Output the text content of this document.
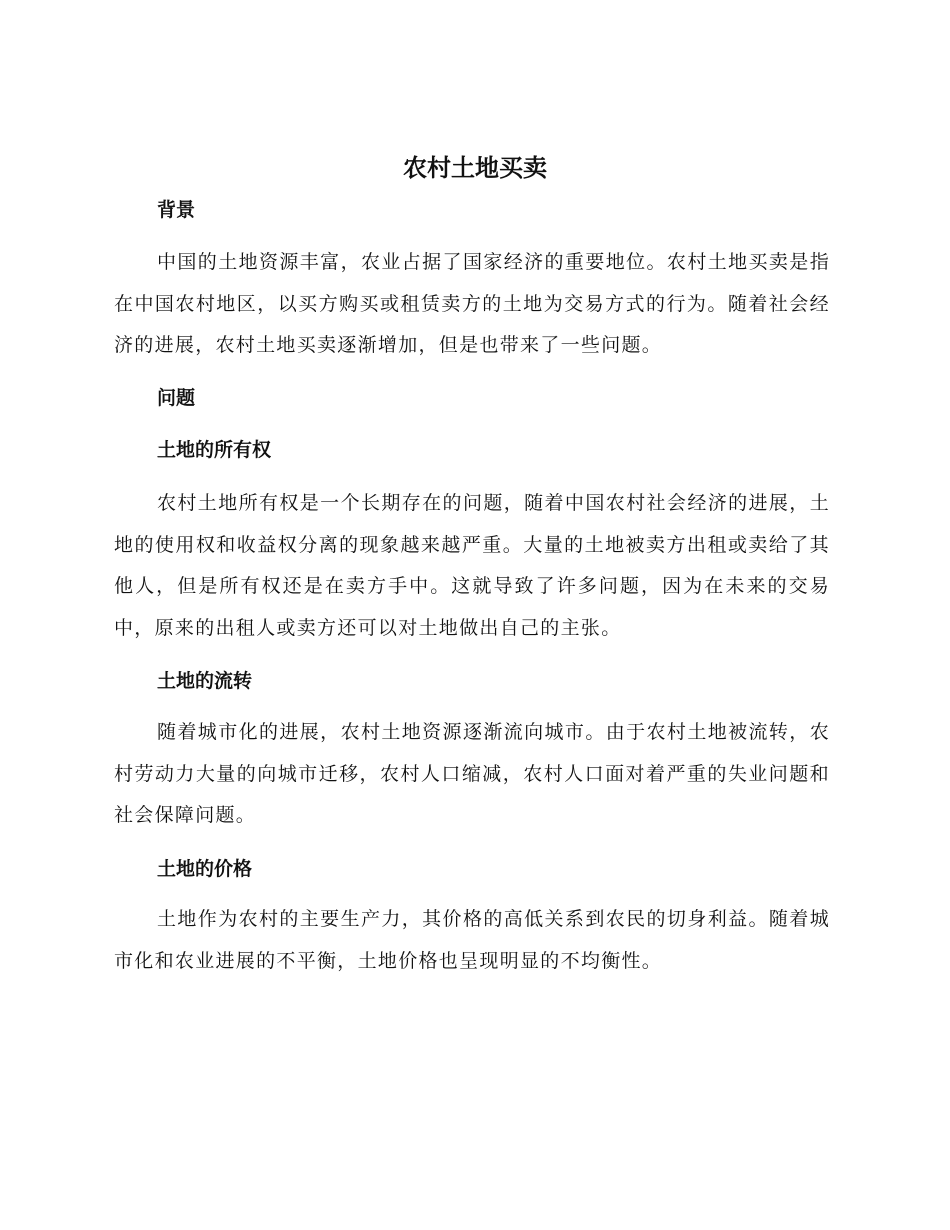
农村土地买卖
背景

中国的土地资源丰富，农业占据了国家经济的重要地位。农村土地买卖是指在中国农村地区，以买方购买或租赁卖方的土地为交易方式的行为。随着社会经济的进展，农村土地买卖逐渐增加，但是也带来了一些问题。

问题
土地的所有权

农村土地所有权是一个长期存在的问题，随着中国农村社会经济的进展，土地的使用权和收益权分离的现象越来越严重。大量的土地被卖方出租或卖给了其他人，但是所有权还是在卖方手中。这就导致了许多问题，因为在未来的交易中，原来的出租人或卖方还可以对土地做出自己的主张。

土地的流转

随着城市化的进展，农村土地资源逐渐流向城市。由于农村土地被流转，农村劳动力大量的向城市迁移，农村人口缩减，农村人口面对着严重的失业问题和社会保障问题。

土地的价格

土地作为农村的主要生产力，其价格的高低关系到农民的切身利益。随着城市化和农业进展的不平衡，土地价格也呈现明显的不均衡性。
